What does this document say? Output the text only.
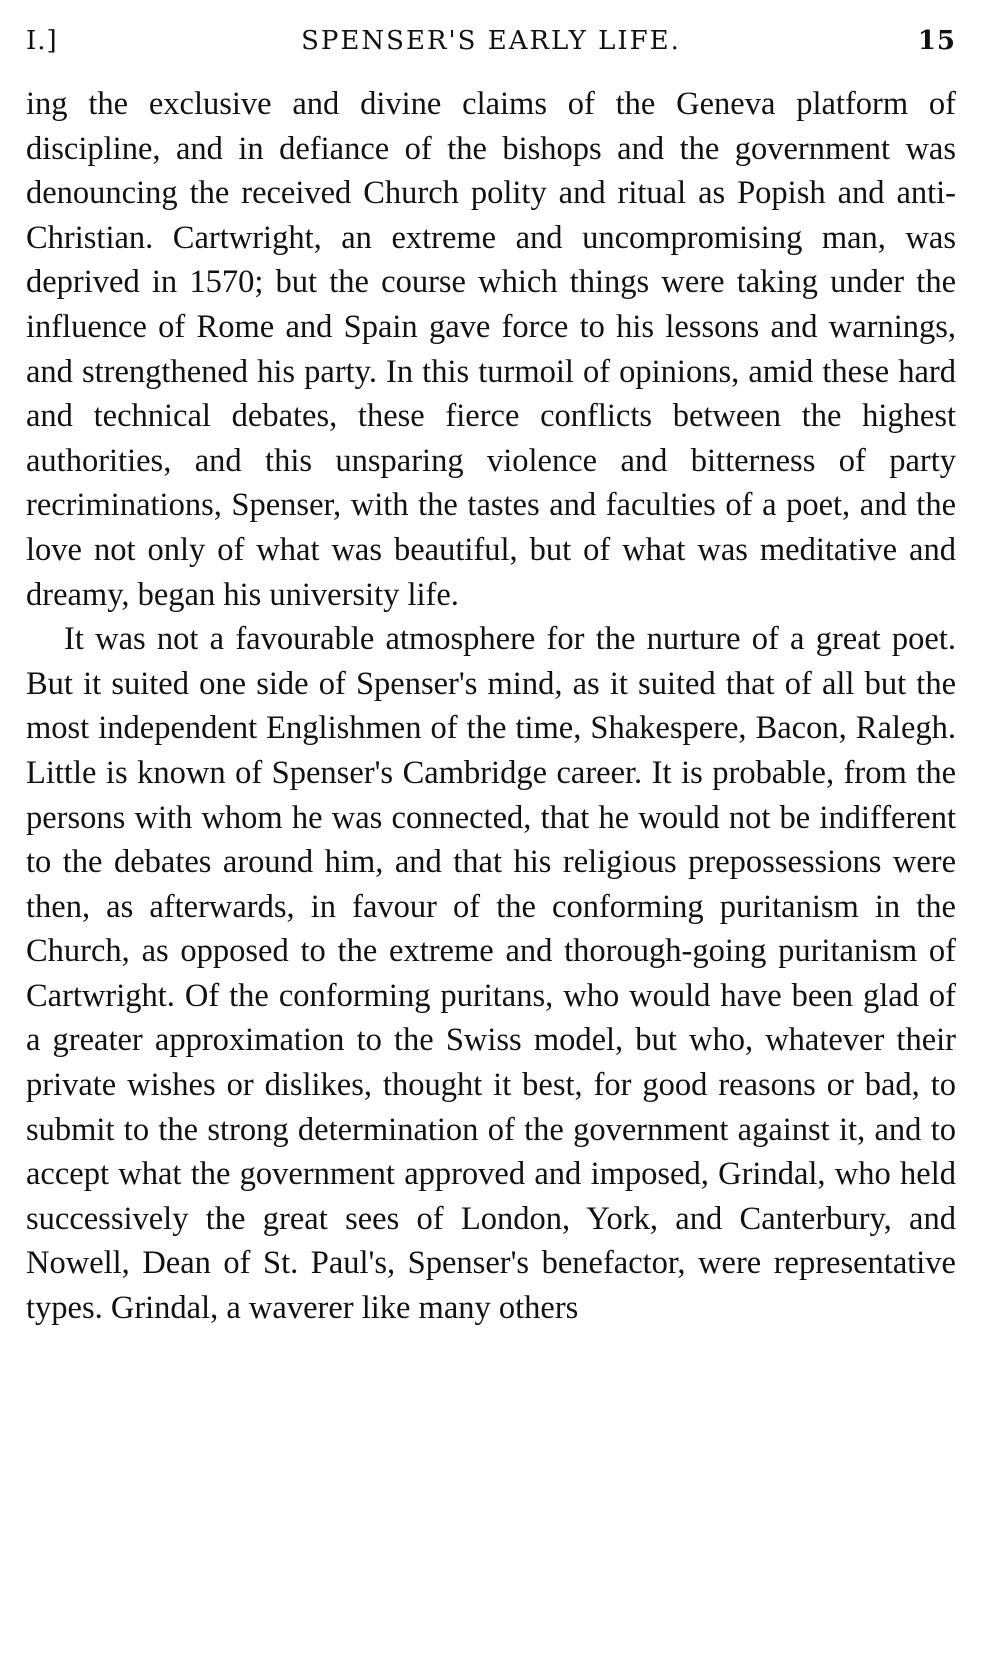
I.]	SPENSER'S EARLY LIFE.	15

ing the exclusive and divine claims of the Geneva platform of discipline, and in defiance of the bishops and the government was denouncing the received Church polity and ritual as Popish and anti-Christian. Cartwright, an extreme and uncompromising man, was deprived in 1570; but the course which things were taking under the influence of Rome and Spain gave force to his lessons and warnings, and strengthened his party. In this turmoil of opinions, amid these hard and technical debates, these fierce conflicts between the highest authorities, and this unsparing violence and bitterness of party recriminations, Spenser, with the tastes and faculties of a poet, and the love not only of what was beautiful, but of what was meditative and dreamy, began his university life.

It was not a favourable atmosphere for the nurture of a great poet. But it suited one side of Spenser's mind, as it suited that of all but the most independent Englishmen of the time, Shakespere, Bacon, Ralegh. Little is known of Spenser's Cambridge career. It is probable, from the persons with whom he was connected, that he would not be indifferent to the debates around him, and that his religious prepossessions were then, as afterwards, in favour of the conforming puritanism in the Church, as opposed to the extreme and thorough-going puritanism of Cartwright. Of the conforming puritans, who would have been glad of a greater approximation to the Swiss model, but who, whatever their private wishes or dislikes, thought it best, for good reasons or bad, to submit to the strong determination of the government against it, and to accept what the government approved and imposed, Grindal, who held successively the great sees of London, York, and Canterbury, and Nowell, Dean of St. Paul's, Spenser's benefactor, were representative types. Grindal, a waverer like many others
